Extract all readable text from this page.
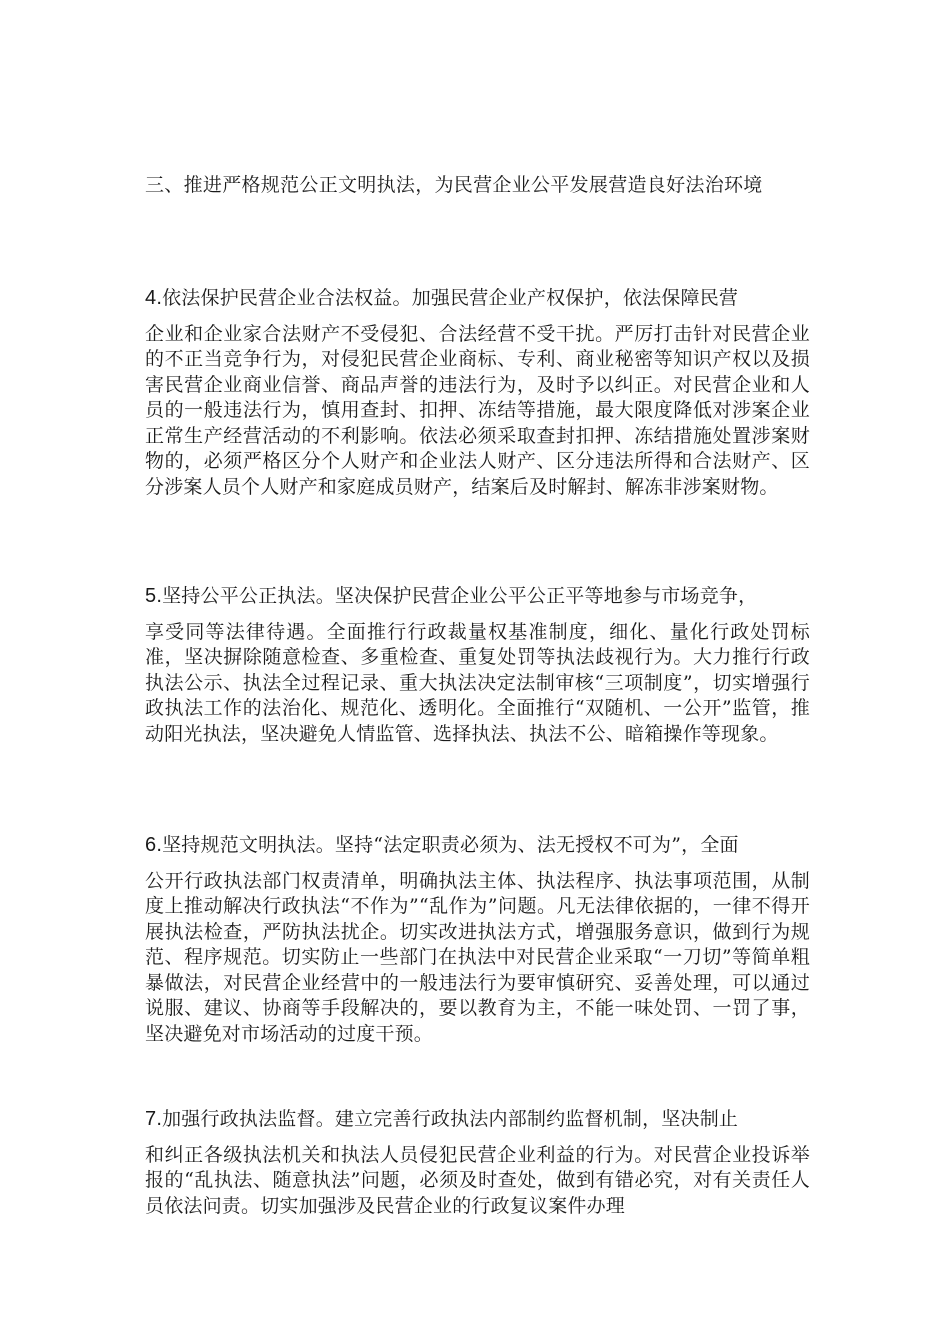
三、推进严格规范公正文明执法，为民营企业公平发展营造良好法治环境
4.依法保护民营企业合法权益。加强民营企业产权保护，依法保障民营
企业和企业家合法财产不受侵犯、合法经营不受干扰。严厉打击针对民营企业的不正当竞争行为，对侵犯民营企业商标、专利、商业秘密等知识产权以及损害民营企业商业信誉、商品声誉的违法行为，及时予以纠正。对民营企业和人员的一般违法行为，慎用查封、扣押、冻结等措施，最大限度降低对涉案企业正常生产经营活动的不利影响。依法必须采取查封扣押、冻结措施处置涉案财物的，必须严格区分个人财产和企业法人财产、区分违法所得和合法财产、区分涉案人员个人财产和家庭成员财产，结案后及时解封、解冻非涉案财物。
5.坚持公平公正执法。坚决保护民营企业公平公正平等地参与市场竞争，
享受同等法律待遇。全面推行行政裁量权基准制度，细化、量化行政处罚标准，坚决摒除随意检查、多重检查、重复处罚等执法歧视行为。大力推行行政执法公示、执法全过程记录、重大执法决定法制审核“三项制度”，切实增强行政执法工作的法治化、规范化、透明化。全面推行“双随机、一公开”监管，推动阳光执法，坚决避免人情监管、选择执法、执法不公、暗箱操作等现象。
6.坚持规范文明执法。坚持“法定职责必须为、法无授权不可为”，全面
公开行政执法部门权责清单，明确执法主体、执法程序、执法事项范围，从制度上推动解决行政执法“不作为”“乱作为”问题。凡无法律依据的，一律不得开展执法检查，严防执法扰企。切实改进执法方式，增强服务意识，做到行为规范、程序规范。切实防止一些部门在执法中对民营企业采取“一刀切”等简单粗暴做法，对民营企业经营中的一般违法行为要审慎研究、妥善处理，可以通过说服、建议、协商等手段解决的，要以教育为主，不能一味处罚、一罚了事，坚决避免对市场活动的过度干预。
7.加强行政执法监督。建立完善行政执法内部制约监督机制，坚决制止
和纠正各级执法机关和执法人员侵犯民营企业利益的行为。对民营企业投诉举报的“乱执法、随意执法”问题，必须及时查处，做到有错必究，对有关责任人员依法问责。切实加强涉及民营企业的行政复议案件办理
